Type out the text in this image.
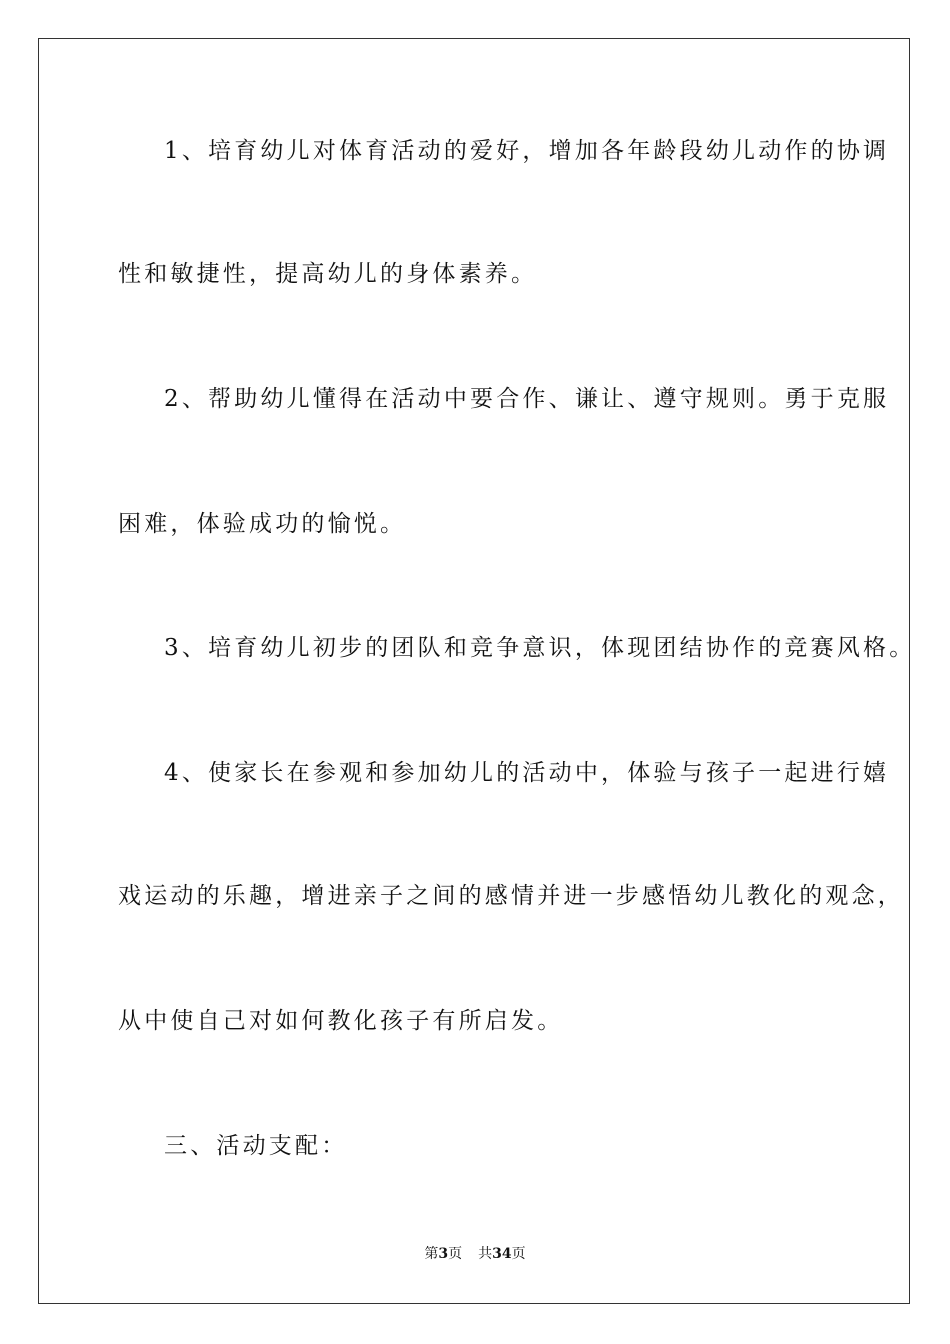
1、培育幼儿对体育活动的爱好，增加各年龄段幼儿动作的协调
性和敏捷性，提高幼儿的身体素养。
2、帮助幼儿懂得在活动中要合作、谦让、遵守规则。勇于克服
困难，体验成功的愉悦。
3、培育幼儿初步的团队和竞争意识，体现团结协作的竞赛风格。
4、使家长在参观和参加幼儿的活动中，体验与孩子一起进行嬉
戏运动的乐趣，增进亲子之间的感情并进一步感悟幼儿教化的观念，
从中使自己对如何教化孩子有所启发。
三、活动支配：
第3页 共34页
